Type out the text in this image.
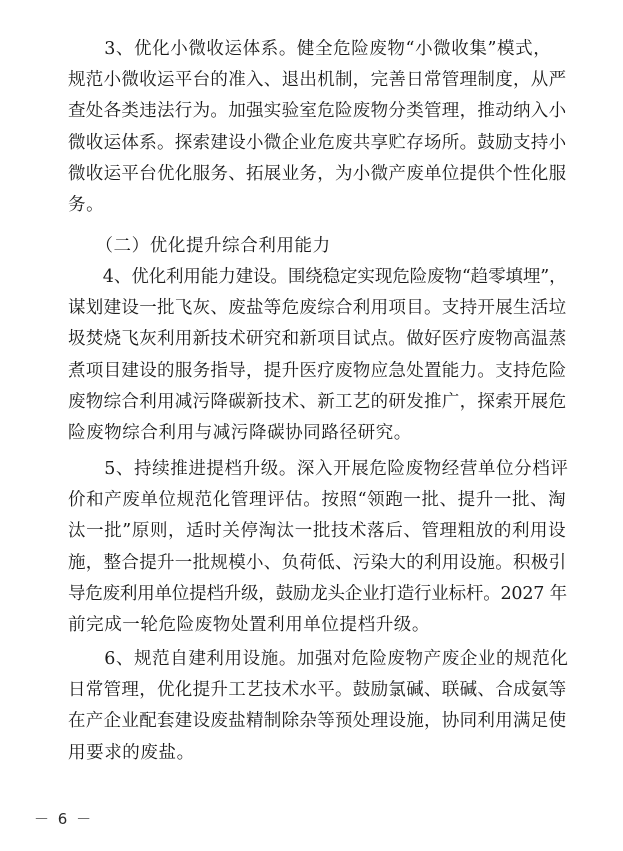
　　3、优化小微收运体系。健全危险废物“小微收集”模式，
规范小微收运平台的准入、退出机制，完善日常管理制度，从严
查处各类违法行为。加强实验室危险废物分类管理，推动纳入小
微收运体系。探索建设小微企业危废共享贮存场所。鼓励支持小
微收运平台优化服务、拓展业务，为小微产废单位提供个性化服
务。
　　（二）优化提升综合利用能力
　　4、优化利用能力建设。围绕稳定实现危险废物“趋零填埋”，
谋划建设一批飞灰、废盐等危废综合利用项目。支持开展生活垃
圾焚烧飞灰利用新技术研究和新项目试点。做好医疗废物高温蒸
煮项目建设的服务指导，提升医疗废物应急处置能力。支持危险
废物综合利用减污降碳新技术、新工艺的研发推广，探索开展危
险废物综合利用与减污降碳协同路径研究。
　　5、持续推进提档升级。深入开展危险废物经营单位分档评
价和产废单位规范化管理评估。按照“领跑一批、提升一批、淘
汰一批”原则，适时关停淘汰一批技术落后、管理粗放的利用设
施，整合提升一批规模小、负荷低、污染大的利用设施。积极引
导危废利用单位提档升级，鼓励龙头企业打造行业标杆。2027 年
前完成一轮危险废物处置利用单位提档升级。
　　6、规范自建利用设施。加强对危险废物产废企业的规范化
日常管理，优化提升工艺技术水平。鼓励氯碱、联碱、合成氨等
在产企业配套建设废盐精制除杂等预处理设施，协同利用满足使
用要求的废盐。
－ 6 －
